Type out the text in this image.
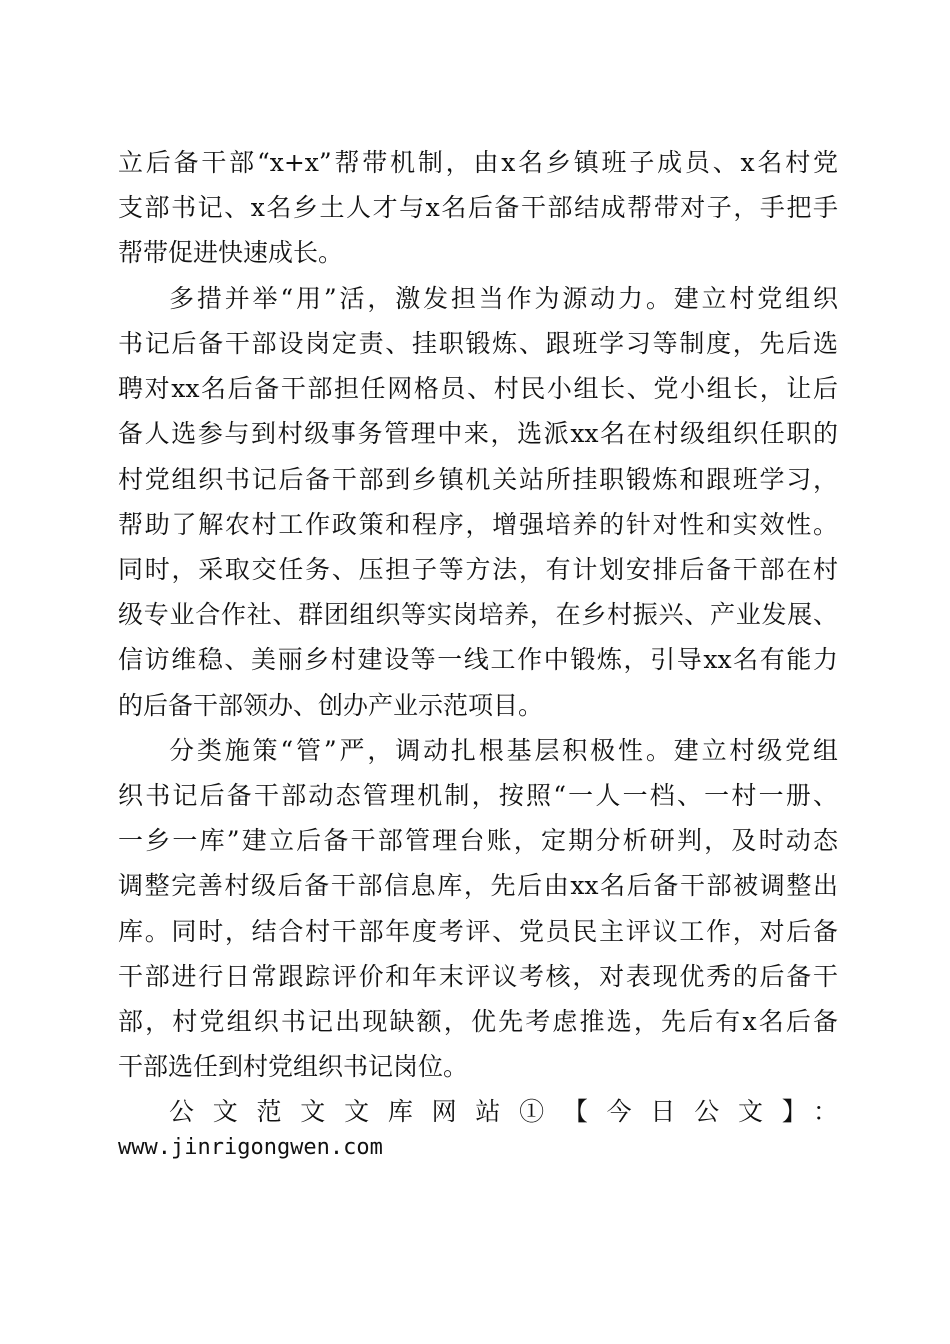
立后备干部“x+x”帮带机制，由x名乡镇班子成员、x名村党
支部书记、x名乡土人才与x名后备干部结成帮带对子，手把手
帮带促进快速成长。
多措并举“用”活，激发担当作为源动力。建立村党组织
书记后备干部设岗定责、挂职锻炼、跟班学习等制度，先后选
聘对xx名后备干部担任网格员、村民小组长、党小组长，让后
备人选参与到村级事务管理中来，选派xx名在村级组织任职的
村党组织书记后备干部到乡镇机关站所挂职锻炼和跟班学习，
帮助了解农村工作政策和程序，增强培养的针对性和实效性。
同时，采取交任务、压担子等方法，有计划安排后备干部在村
级专业合作社、群团组织等实岗培养，在乡村振兴、产业发展、
信访维稳、美丽乡村建设等一线工作中锻炼，引导xx名有能力
的后备干部领办、创办产业示范项目。
分类施策“管”严，调动扎根基层积极性。建立村级党组
织书记后备干部动态管理机制，按照“一人一档、一村一册、
一乡一库”建立后备干部管理台账，定期分析研判，及时动态
调整完善村级后备干部信息库，先后由xx名后备干部被调整出
库。同时，结合村干部年度考评、党员民主评议工作，对后备
干部进行日常跟踪评价和年末评议考核，对表现优秀的后备干
部，村党组织书记出现缺额，优先考虑推选，先后有x名后备
干部选任到村党组织书记岗位。
公文范文文库网站①【今日公文】：
www.jinrigongwen.com
